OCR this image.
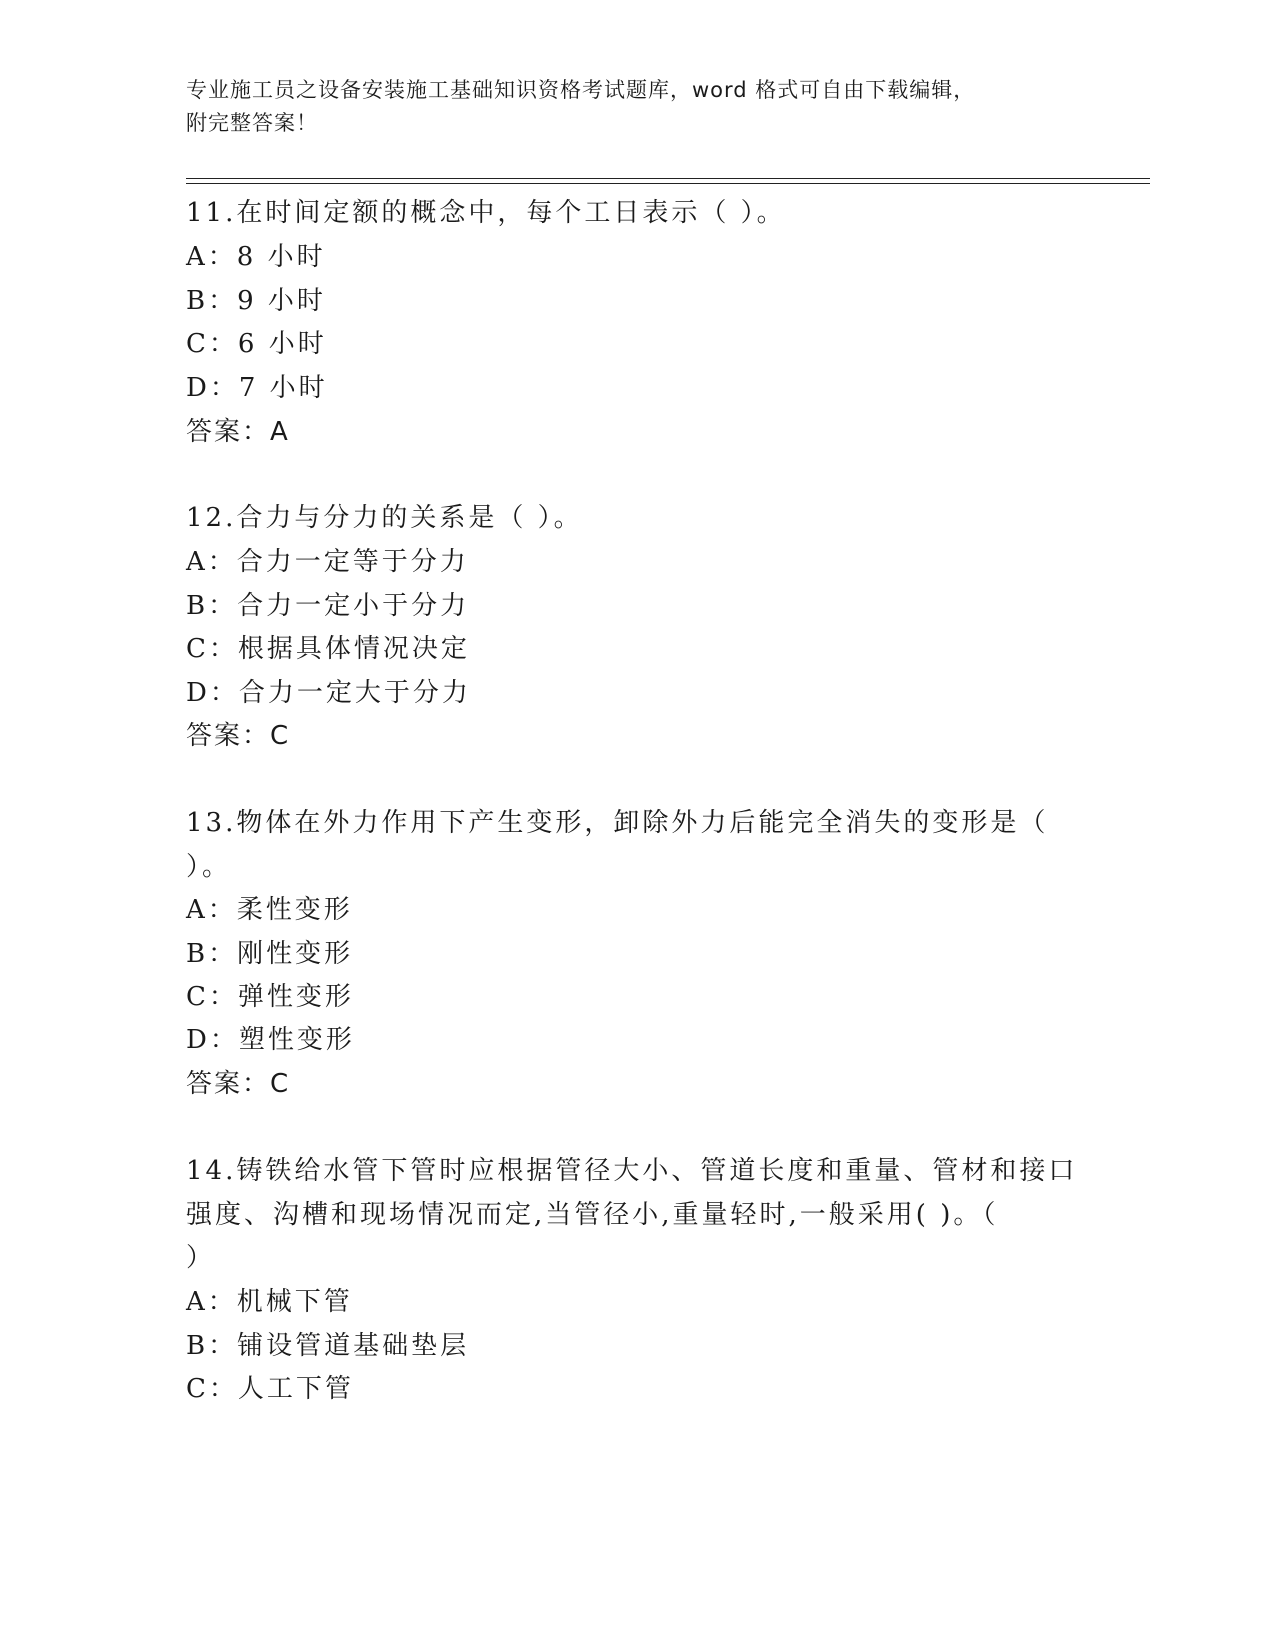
专业施工员之设备安装施工基础知识资格考试题库，word 格式可自由下载编辑，
附完整答案！
11.在时间定额的概念中，每个工日表示（ ）。
A：8 小时
B：9 小时
C：6 小时
D：7 小时
答案：A
12.合力与分力的关系是（ ）。
A：合力一定等于分力
B：合力一定小于分力
C：根据具体情况决定
D：合力一定大于分力
答案：C
13.物体在外力作用下产生变形，卸除外力后能完全消失的变形是（
）。
A：柔性变形
B：刚性变形
C：弹性变形
D：塑性变形
答案：C
14.铸铁给水管下管时应根据管径大小、管道长度和重量、管材和接口
强度、沟槽和现场情况而定,当管径小,重量轻时,一般采用( )。（
）
A：机械下管
B：铺设管道基础垫层
C：人工下管
